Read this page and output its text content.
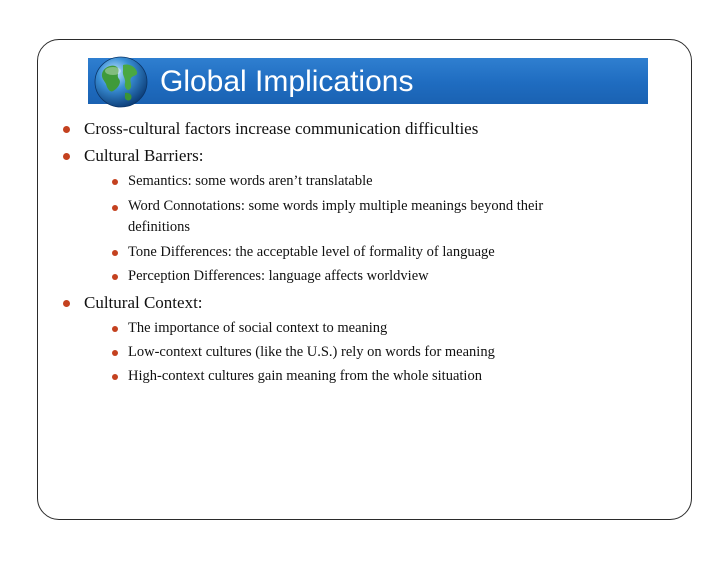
Global Implications
Cross-cultural factors increase communication difficulties
Cultural Barriers:
Semantics: some words aren’t translatable
Word Connotations: some words imply multiple meanings beyond their definitions
Tone Differences: the acceptable level of formality of language
Perception Differences: language affects worldview
Cultural Context:
The importance of social context to meaning
Low-context cultures (like the U.S.) rely on words for meaning
High-context cultures gain meaning from the whole situation
